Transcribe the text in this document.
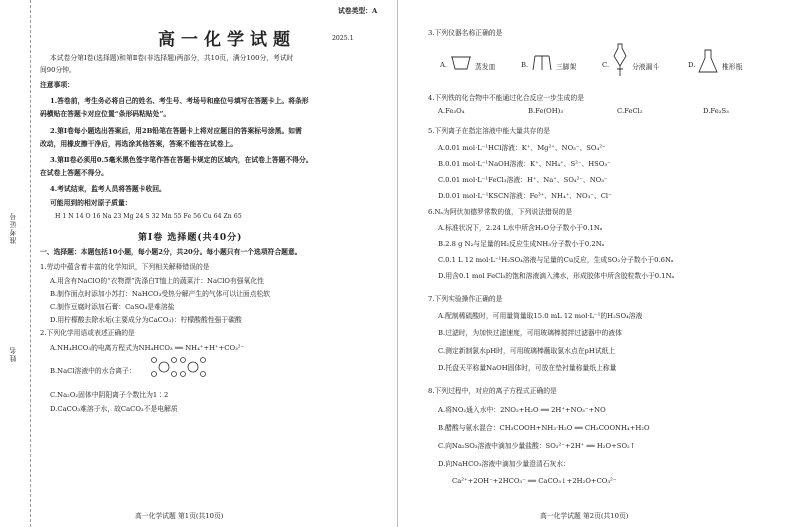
准考证号
姓名
试卷类型：A
高一化学试题	2025.1
本试卷分第Ⅰ卷(选择题)和第Ⅱ卷(非选择题)两部分，共10页，满分100分，考试时
间90分钟。
注意事项：
1.答卷前，考生务必将自己的姓名、考生号、考场号和座位号填写在答题卡上。将条形
码横贴在答题卡对应位置“条形码粘贴处”。
2.第Ⅰ卷每小题选出答案后，用2B铅笔在答题卡上将对应题目的答案标号涂黑。如需
改动，用橡皮擦干净后，再选涂其他答案，答案不能答在试卷上。
3.第Ⅱ卷必须用0.5毫米黑色签字笔作答在答题卡规定的区域内，在试卷上答题不得分。
在试卷上答题不得分。
4.考试结束，监考人员将答题卡收回。
可能用到的相对原子质量：
H 1 N 14 O 16 Na 23 Mg 24 S 32 Mn 55 Fe 56 Cu 64 Zn 65
第Ⅰ卷 选择题(共40分)
一、选择题：本题包括10小题，每小题2分，共20分。每小题只有一个选项符合题意。
1.劳动中蕴含着丰富的化学知识，下列相关解释错误的是
A.用含有NaClO的“衣物漂”洗涤白T恤上的蔬菜汁：NaClO有强氧化性
B.制作面点时添加小苏打：NaHCO₃受热分解产生的气体可以让面点松软
C.制作豆腐时添加石膏：CaSO₄是难溶盐
D.用柠檬酸去除水垢(主要成分为CaCO₃)：柠檬酸酸性强于碳酸
2.下列化学用语或表述正确的是
A.NH₄HCO₃的电离方程式为NH₄HCO₃ ══ NH₄⁺+H⁺+CO₃²⁻
B.NaCl溶液中的水合离子：
C.Na₂O₂固体中阴阳离子个数比为1∶2
D.CaCO₃难溶于水，故CaCO₃不是电解质
高一化学试题 第1页(共10页)
3.下列仪器名称正确的是
A.	蒸发皿	B.	三脚架	C.	分液漏斗	D.	椎形瓶
4.下列铁的化合物中不能通过化合反应一步生成的是
A.Fe₃O₄	B.Fe(OH)₃	C.FeCl₂	D.Fe₂S₃
5.下列离子在指定溶液中能大量共存的是
A.0.01 mol·L⁻¹HCl溶液：K⁺、Mg²⁺、NO₃⁻、SO₄²⁻
B.0.01 mol·L⁻¹NaOH溶液：K⁺、NH₄⁺、S²⁻、HSO₃⁻
C.0.01 mol·L⁻¹FeCl₃溶液：H⁺、Na⁺、SO₄²⁻、NO₃⁻
D.0.01 mol·L⁻¹KSCN溶液：Fe³⁺、NH₄⁺、NO₃⁻、Cl⁻
6.Nₐ为阿伏加德罗常数的值，下列说法错误的是
A.标准状况下，2.24 L水中所含H₂O分子数小于0.1Nₐ
B.2.8 g N₂与足量的H₂反应生成NH₃分子数小于0.2Nₐ
C.0.1 L 12 mol·L⁻¹H₂SO₄溶液与足量的Cu反应，生成SO₂分子数小于0.6Nₐ
D.用含0.1 mol FeCl₃的饱和溶液滴入沸水，形成胶体中所含胶粒数小于0.1Nₐ
7.下列实验操作正确的是
A.配制稀硫酸时，可用量筒量取15.0 mL 12 mol·L⁻¹的H₂SO₄溶液
B.过滤时，为加快过滤速度，可用玻璃棒搅拌过滤器中的液体
C.测定新制氯水pH时，可用玻璃棒蘸取氯水点在pH试纸上
D.托盘天平称量NaOH固体时，可放在垫衬量称量纸上称量
8.下列过程中，对应的离子方程式正确的是
A.将NO₂通入水中：2NO₂+H₂O ══ 2H⁺+NO₃⁻+NO
B.醋酸与氨水混合：CH₃COOH+NH₃·H₂O ══ CH₃COONH₄+H₂O
C.向Na₂SO₃溶液中滴加少量盐酸：SO₃²⁻+2H⁺ ══ H₂O+SO₂↑
D.向NaHCO₃溶液中滴加少量澄清石灰水：
Ca²⁺+2OH⁻+2HCO₃⁻ ══ CaCO₃↓+2H₂O+CO₃²⁻
高一化学试题 第2页(共10页)
